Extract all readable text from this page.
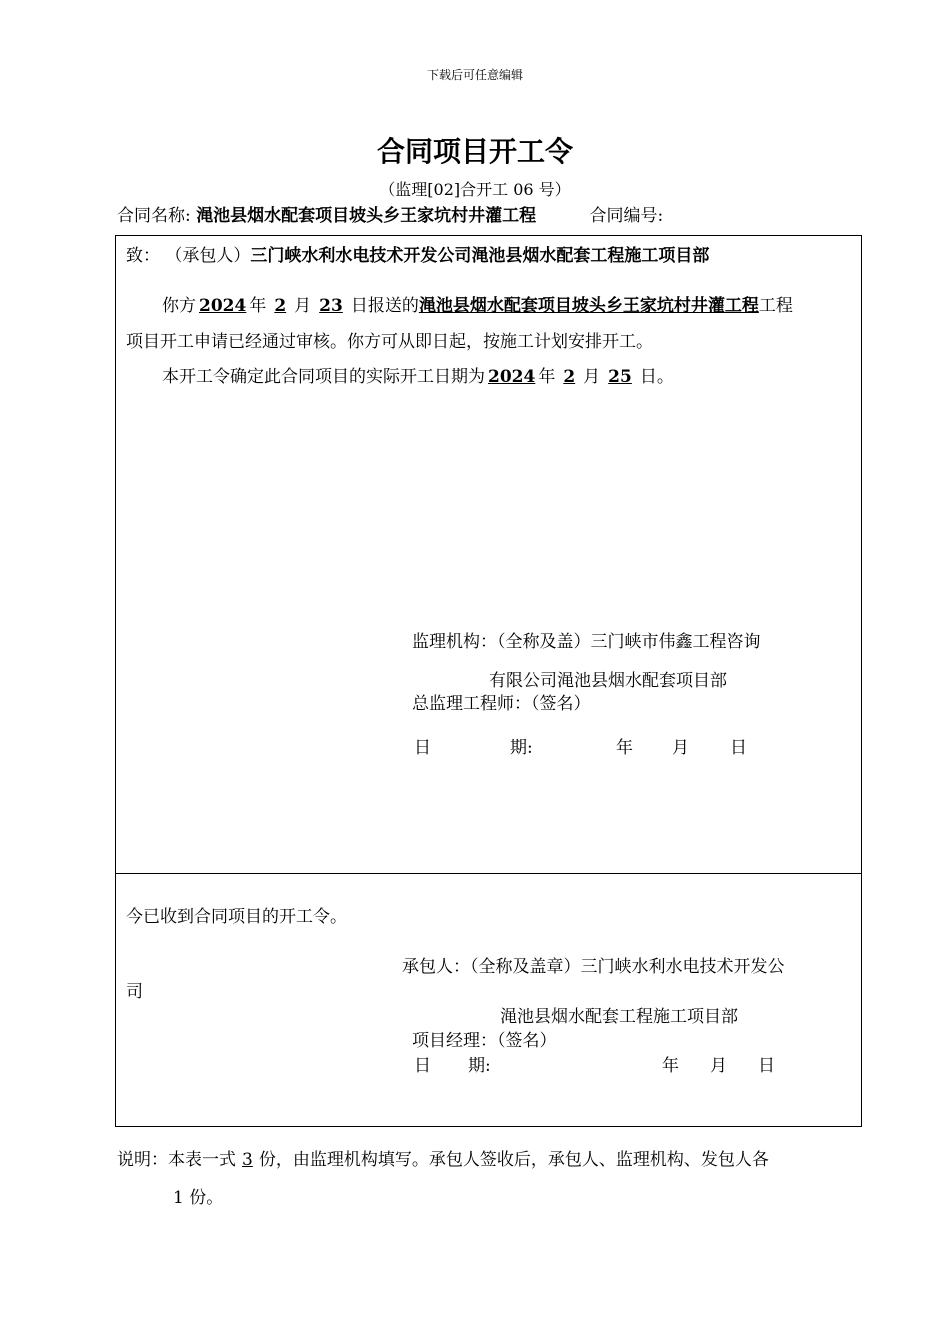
下载后可任意编辑
合同项目开工令
（监理[02]合开工 06 号）
合同名称: 渑池县烟水配套项目坡头乡王家坑村井灌工程	合同编号:
致： （承包人）三门峡水利水电技术开发公司渑池县烟水配套工程施工项目部
你方 2024 年 2 月 23 日报送的渑池县烟水配套项目坡头乡王家坑村井灌工程工程
项目开工申请已经通过审核。你方可从即日起，按施工计划安排开工。
本开工令确定此合同项目的实际开工日期为 2024 年 2 月 25 日。
监理机构：（全称及盖）三门峡市伟鑫工程咨询
有限公司渑池县烟水配套项目部
总监理工程师：（签名）
日	期:	年 月 日
今已收到合同项目的开工令。
承包人：（全称及盖章）三门峡水利水电技术开发公
司
渑池县烟水配套工程施工项目部
项目经理：（签名）
日 期:	年 月 日
说明：本表一式 3 份，由监理机构填写。承包人签收后，承包人、监理机构、发包人各
1 份。
